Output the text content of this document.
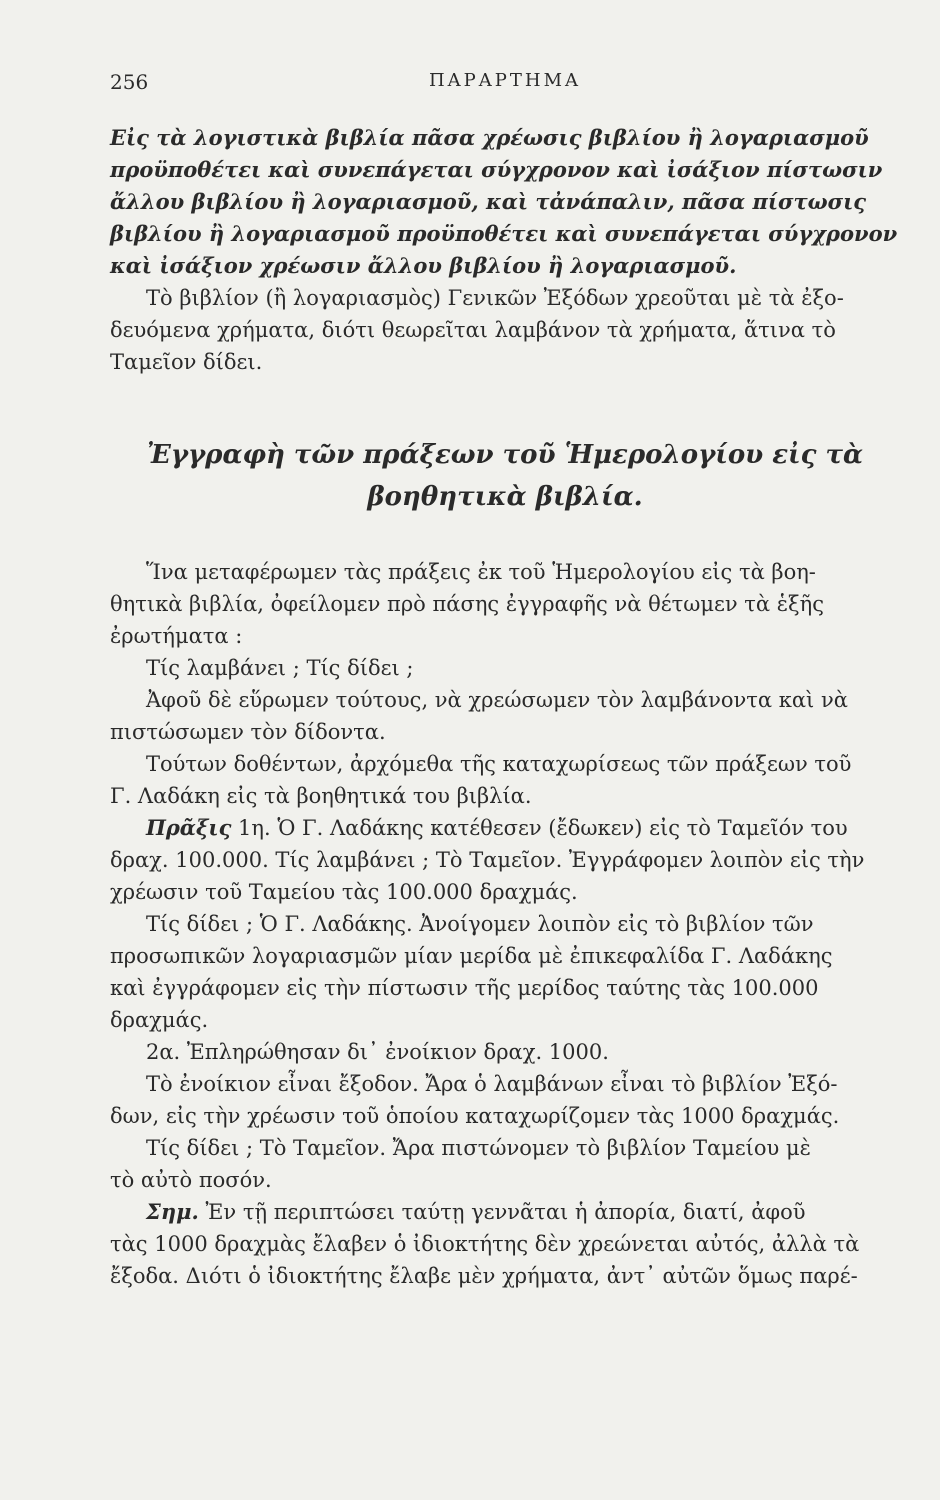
256	ΠΑΡΑΡΤΗΜΑ
Εἰς τὰ λογιστικὰ βιβλία πᾶσα χρέωσις βιβλίου ἢ λογαριασμοῦ
προϋποθέτει καὶ συνεπάγεται σύγχρονον καὶ ἰσάξιον πίστωσιν
ἄλλου βιβλίου ἢ λογαριασμοῦ, καὶ τἀνάπαλιν, πᾶσα πίστωσις
βιβλίου ἢ λογαριασμοῦ προϋποθέτει καὶ συνεπάγεται σύγχρονον
καὶ ἰσάξιον χρέωσιν ἄλλου βιβλίου ἢ λογαριασμοῦ.
Τὸ βιβλίον (ἢ λογαριασμὸς) Γενικῶν Ἐξόδων χρεοῦται μὲ τὰ ἐξο-
δευόμενα χρήματα, διότι θεωρεῖται λαμβάνον τὰ χρήματα, ἅτινα τὸ
Ταμεῖον δίδει.
Ἐγγραφὴ τῶν πράξεων τοῦ Ἡμερολογίου εἰς τὰ
βοηθητικὰ βιβλία.
Ἵνα μεταφέρωμεν τὰς πράξεις ἐκ τοῦ Ἡμερολογίου εἰς τὰ βοη-
θητικὰ βιβλία, ὀφείλομεν πρὸ πάσης ἐγγραφῆς νὰ θέτωμεν τὰ ἑξῆς
ἐρωτήματα :
Τίς λαμβάνει ; Τίς δίδει ;
Ἀφοῦ δὲ εὕρωμεν τούτους, νὰ χρεώσωμεν τὸν λαμβάνοντα καὶ νὰ
πιστώσωμεν τὸν δίδοντα.
Τούτων δοθέντων, ἀρχόμεθα τῆς καταχωρίσεως τῶν πράξεων τοῦ
Γ. Λαδάκη εἰς τὰ βοηθητικά του βιβλία.
Πρᾶξις 1η. Ὁ Γ. Λαδάκης κατέθεσεν (ἔδωκεν) εἰς τὸ Ταμεῖόν του
δραχ. 100.000. Τίς λαμβάνει ; Τὸ Ταμεῖον. Ἐγγράφομεν λοιπὸν εἰς τὴν
χρέωσιν τοῦ Ταμείου τὰς 100.000 δραχμάς.
Τίς δίδει ; Ὁ Γ. Λαδάκης. Ἀνοίγομεν λοιπὸν εἰς τὸ βιβλίον τῶν
προσωπικῶν λογαριασμῶν μίαν μερίδα μὲ ἐπικεφαλίδα Γ. Λαδάκης
καὶ ἐγγράφομεν εἰς τὴν πίστωσιν τῆς μερίδος ταύτης τὰς 100.000
δραχμάς.
2α. Ἐπληρώθησαν δι᾽ ἐνοίκιον δραχ. 1000.
Τὸ ἐνοίκιον εἶναι ἔξοδον. Ἄρα ὁ λαμβάνων εἶναι τὸ βιβλίον Ἐξό-
δων, εἰς τὴν χρέωσιν τοῦ ὁποίου καταχωρίζομεν τὰς 1000 δραχμάς.
Τίς δίδει ; Τὸ Ταμεῖον. Ἄρα πιστώνομεν τὸ βιβλίον Ταμείου μὲ
τὸ αὐτὸ ποσόν.
Σημ. Ἐν τῇ περιπτώσει ταύτῃ γεννᾶται ἡ ἀπορία, διατί, ἀφοῦ
τὰς 1000 δραχμὰς ἔλαβεν ὁ ἰδιοκτήτης δὲν χρεώνεται αὐτός, ἀλλὰ τὰ
ἔξοδα. Διότι ὁ ἰδιοκτήτης ἔλαβε μὲν χρήματα, ἀντ᾽ αὐτῶν ὅμως παρέ-
